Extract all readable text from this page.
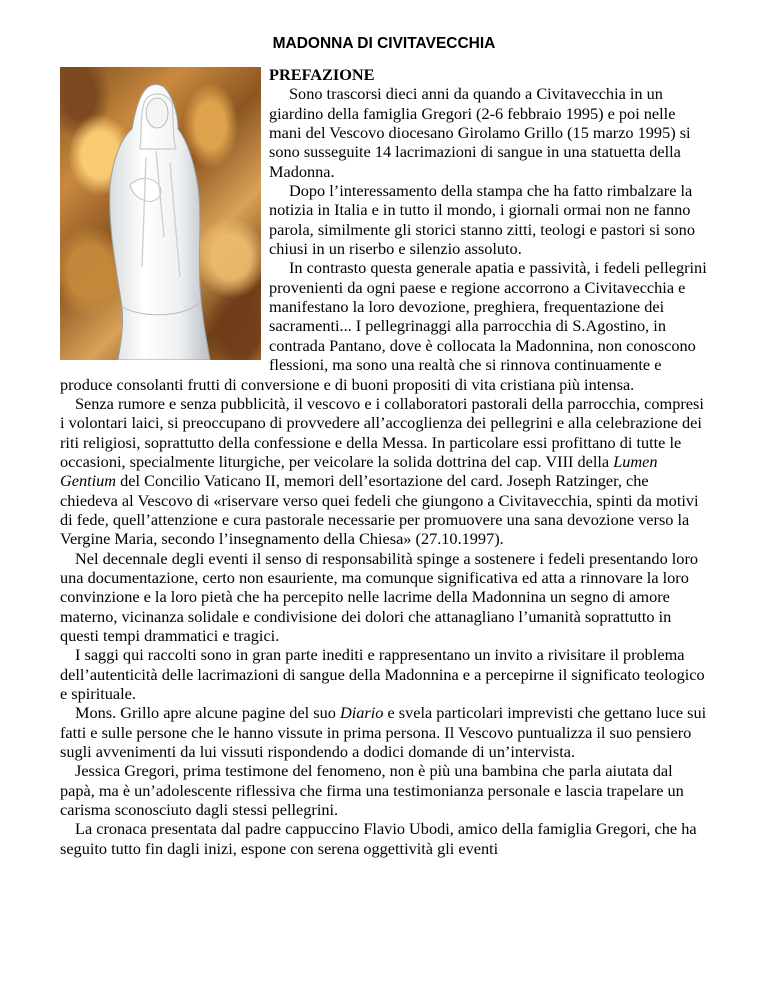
MADONNA DI CIVITAVECCHIA

PREFAZIONE

Sono trascorsi dieci anni da quando a Civitavecchia in un giardino della famiglia Gregori (2-6 febbraio 1995) e poi nelle mani del Vescovo diocesano Girolamo Grillo (15 marzo 1995) si sono susseguite 14 lacrimazioni di sangue in una statuetta della Madonna.

Dopo l’interessamento della stampa che ha fatto rimbalzare la notizia in Italia e in tutto il mondo, i giornali ormai non ne fanno parola, similmente gli storici stanno zitti, teologi e pastori si sono chiusi in un riserbo e silenzio assoluto.

In contrasto questa generale apatia e passività, i fedeli pellegrini provenienti da ogni paese e regione accorrono a Civitavecchia e manifestano la loro devozione, preghiera, frequentazione dei sacramenti... I pellegrinaggi alla parrocchia di S.Agostino, in contrada Pantano, dove è collocata la Madonnina, non conoscono flessioni, ma sono una realtà che si rinnova continuamente e produce consolanti frutti di conversione e di buoni propositi di vita cristiana più intensa.

Senza rumore e senza pubblicità, il vescovo e i collaboratori pastorali della parrocchia, compresi i volontari laici, si preoccupano di provvedere all’accoglienza dei pellegrini e alla celebrazione dei riti religiosi, soprattutto della confessione e della Messa. In particolare essi profittano di tutte le occasioni, specialmente liturgiche, per veicolare la solida dottrina del cap. VIII della Lumen Gentium del Concilio Vaticano II, memori dell’esortazione del card. Joseph Ratzinger, che chiedeva al Vescovo di «riservare verso quei fedeli che giungono a Civitavecchia, spinti da motivi di fede, quell’attenzione e cura pastorale necessarie per promuovere una sana devozione verso la Vergine Maria, secondo l’insegnamento della Chiesa» (27.10.1997).

Nel decennale degli eventi il senso di responsabilità spinge a sostenere i fedeli presentando loro una documentazione, certo non esauriente, ma comunque significativa ed atta a rinnovare la loro convinzione e la loro pietà che ha percepito nelle lacrime della Madonnina un segno di amore materno, vicinanza solidale e condivisione dei dolori che attanagliano l’umanità soprattutto in questi tempi drammatici e tragici.

I saggi qui raccolti sono in gran parte inediti e rappresentano un invito a rivisitare il problema dell’autenticità delle lacrimazioni di sangue della Madonnina e a percepirne il significato teologico e spirituale.

Mons. Grillo apre alcune pagine del suo Diario e svela particolari imprevisti che gettano luce sui fatti e sulle persone che le hanno vissute in prima persona. Il Vescovo puntualizza il suo pensiero sugli avvenimenti da lui vissuti rispondendo a dodici domande di un’intervista.

Jessica Gregori, prima testimone del fenomeno, non è più una bambina che parla aiutata dal papà, ma è un’adolescente riflessiva che firma una testimonianza personale e lascia trapelare un carisma sconosciuto dagli stessi pellegrini.

La cronaca presentata dal padre cappuccino Flavio Ubodi, amico della famiglia Gregori, che ha seguito tutto fin dagli inizi, espone con serena oggettività gli eventi
